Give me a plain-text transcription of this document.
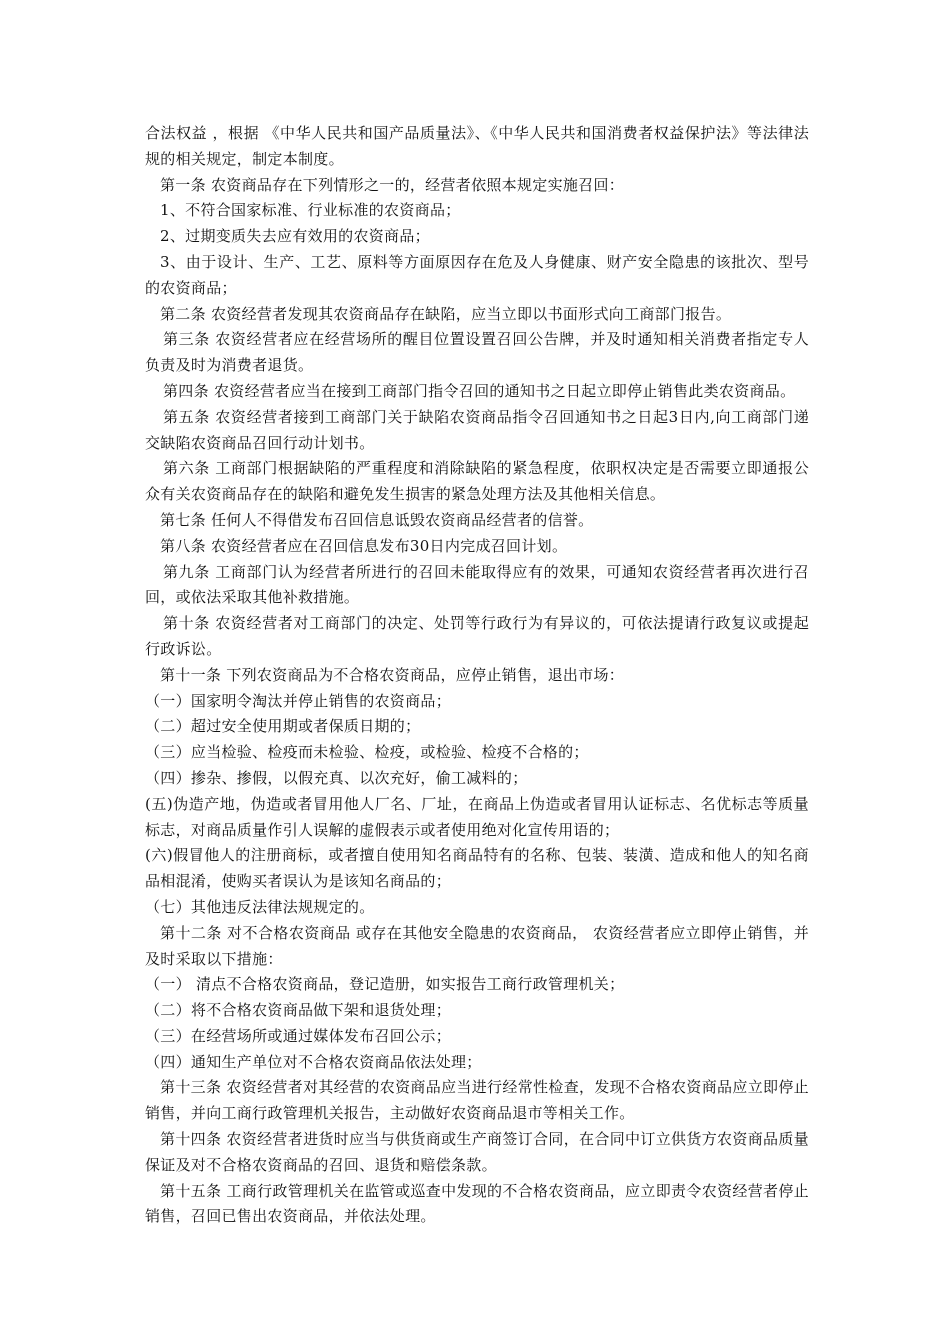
合法权益 ，根据 《中华人民共和国产品质量法》、《中华人民共和国消费者权益保护法》等法律法规的相关规定，制定本制度。

第一条 农资商品存在下列情形之一的，经营者依照本规定实施召回：

1、不符合国家标准、行业标准的农资商品；

2、过期变质失去应有效用的农资商品；

3、由于设计、生产、工艺、原料等方面原因存在危及人身健康、财产安全隐患的该批次、型号的农资商品；

第二条 农资经营者发现其农资商品存在缺陷，应当立即以书面形式向工商部门报告。

第三条 农资经营者应在经营场所的醒目位置设置召回公告牌，并及时通知相关消费者指定专人负责及时为消费者退货。

第四条 农资经营者应当在接到工商部门指令召回的通知书之日起立即停止销售此类农资商品。

第五条 农资经营者接到工商部门关于缺陷农资商品指令召回通知书之日起3日内,向工商部门递交缺陷农资商品召回行动计划书。

第六条 工商部门根据缺陷的严重程度和消除缺陷的紧急程度，依职权决定是否需要立即通报公众有关农资商品存在的缺陷和避免发生损害的紧急处理方法及其他相关信息。

第七条 任何人不得借发布召回信息诋毁农资商品经营者的信誉。

第八条 农资经营者应在召回信息发布30日内完成召回计划。

第九条 工商部门认为经营者所进行的召回未能取得应有的效果，可通知农资经营者再次进行召回，或依法采取其他补救措施。

第十条 农资经营者对工商部门的决定、处罚等行政行为有异议的，可依法提请行政复议或提起行政诉讼。

第十一条 下列农资商品为不合格农资商品，应停止销售，退出市场：

（一）国家明令淘汰并停止销售的农资商品；

（二）超过安全使用期或者保质日期的；

（三）应当检验、检疫而未检验、检疫，或检验、检疫不合格的；

（四）掺杂、掺假，以假充真、以次充好，偷工减料的；

(五)伪造产地，伪造或者冒用他人厂名、厂址，在商品上伪造或者冒用认证标志、名优标志等质量标志，对商品质量作引人误解的虚假表示或者使用绝对化宣传用语的；

(六)假冒他人的注册商标，或者擅自使用知名商品特有的名称、包装、装潢、造成和他人的知名商品相混淆，使购买者误认为是该知名商品的；

（七）其他违反法律法规规定的。

第十二条 对不合格农资商品 或存在其他安全隐患的农资商品， 农资经营者应立即停止销售，并及时采取以下措施：

（一） 清点不合格农资商品，登记造册，如实报告工商行政管理机关；

（二）将不合格农资商品做下架和退货处理；

（三）在经营场所或通过媒体发布召回公示；

（四）通知生产单位对不合格农资商品依法处理；

第十三条 农资经营者对其经营的农资商品应当进行经常性检查，发现不合格农资商品应立即停止销售，并向工商行政管理机关报告，主动做好农资商品退市等相关工作。

第十四条 农资经营者进货时应当与供货商或生产商签订合同，在合同中订立供货方农资商品质量保证及对不合格农资商品的召回、退货和赔偿条款。

第十五条 工商行政管理机关在监管或巡查中发现的不合格农资商品，应立即责令农资经营者停止销售，召回已售出农资商品，并依法处理。
